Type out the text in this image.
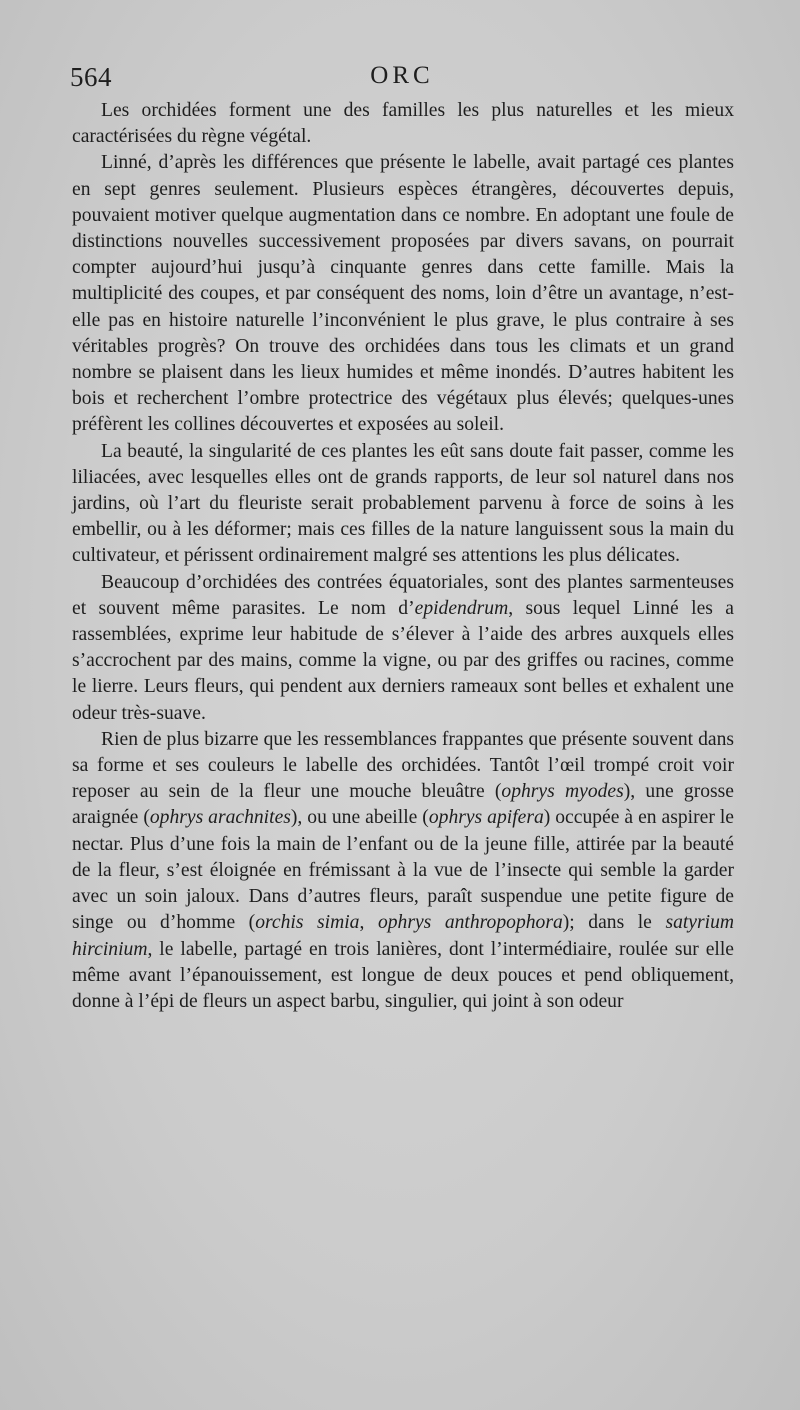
564	ORC

Les orchidées forment une des familles les plus naturelles et les mieux caractérisées du règne végétal.

Linné, d’après les différences que présente le labelle, avait partagé ces plantes en sept genres seulement. Plusieurs espèces étrangères, découvertes depuis, pouvaient motiver quelque augmentation dans ce nombre. En adoptant une foule de distinctions nouvelles successivement proposées par divers savans, on pourrait compter aujourd’hui jusqu’à cinquante genres dans cette famille. Mais la multiplicité des coupes, et par conséquent des noms, loin d’être un avantage, n’est-elle pas en histoire naturelle l’inconvénient le plus grave, le plus contraire à ses véritables progrès? On trouve des orchidées dans tous les climats et un grand nombre se plaisent dans les lieux humides et même inondés. D’autres habitent les bois et recherchent l’ombre protectrice des végétaux plus élevés; quelques-unes préfèrent les collines découvertes et exposées au soleil.

La beauté, la singularité de ces plantes les eût sans doute fait passer, comme les liliacées, avec lesquelles elles ont de grands rapports, de leur sol naturel dans nos jardins, où l’art du fleuriste serait probablement parvenu à force de soins à les embellir, ou à les déformer; mais ces filles de la nature languissent sous la main du cultivateur, et périssent ordinairement malgré ses attentions les plus délicates.

Beaucoup d’orchidées des contrées équatoriales, sont des plantes sarmenteuses et souvent même parasites. Le nom d’epidendrum, sous lequel Linné les a rassemblées, exprime leur habitude de s’élever à l’aide des arbres auxquels elles s’accrochent par des mains, comme la vigne, ou par des griffes ou racines, comme le lierre. Leurs fleurs, qui pendent aux derniers rameaux sont belles et exhalent une odeur très-suave.

Rien de plus bizarre que les ressemblances frappantes que présente souvent dans sa forme et ses couleurs le labelle des orchidées. Tantôt l’œil trompé croit voir reposer au sein de la fleur une mouche bleuâtre (ophrys myodes), une grosse araignée (ophrys arachnites), ou une abeille (ophrys apifera) occupée à en aspirer le nectar. Plus d’une fois la main de l’enfant ou de la jeune fille, attirée par la beauté de la fleur, s’est éloignée en frémissant à la vue de l’insecte qui semble la garder avec un soin jaloux. Dans d’autres fleurs, paraît suspendue une petite figure de singe ou d’homme (orchis simia, ophrys anthropophora); dans le satyrium hircinium, le labelle, partagé en trois lanières, dont l’intermédiaire, roulée sur elle même avant l’épanouissement, est longue de deux pouces et pend obliquement, donne à l’épi de fleurs un aspect barbu, singulier, qui joint à son odeur
